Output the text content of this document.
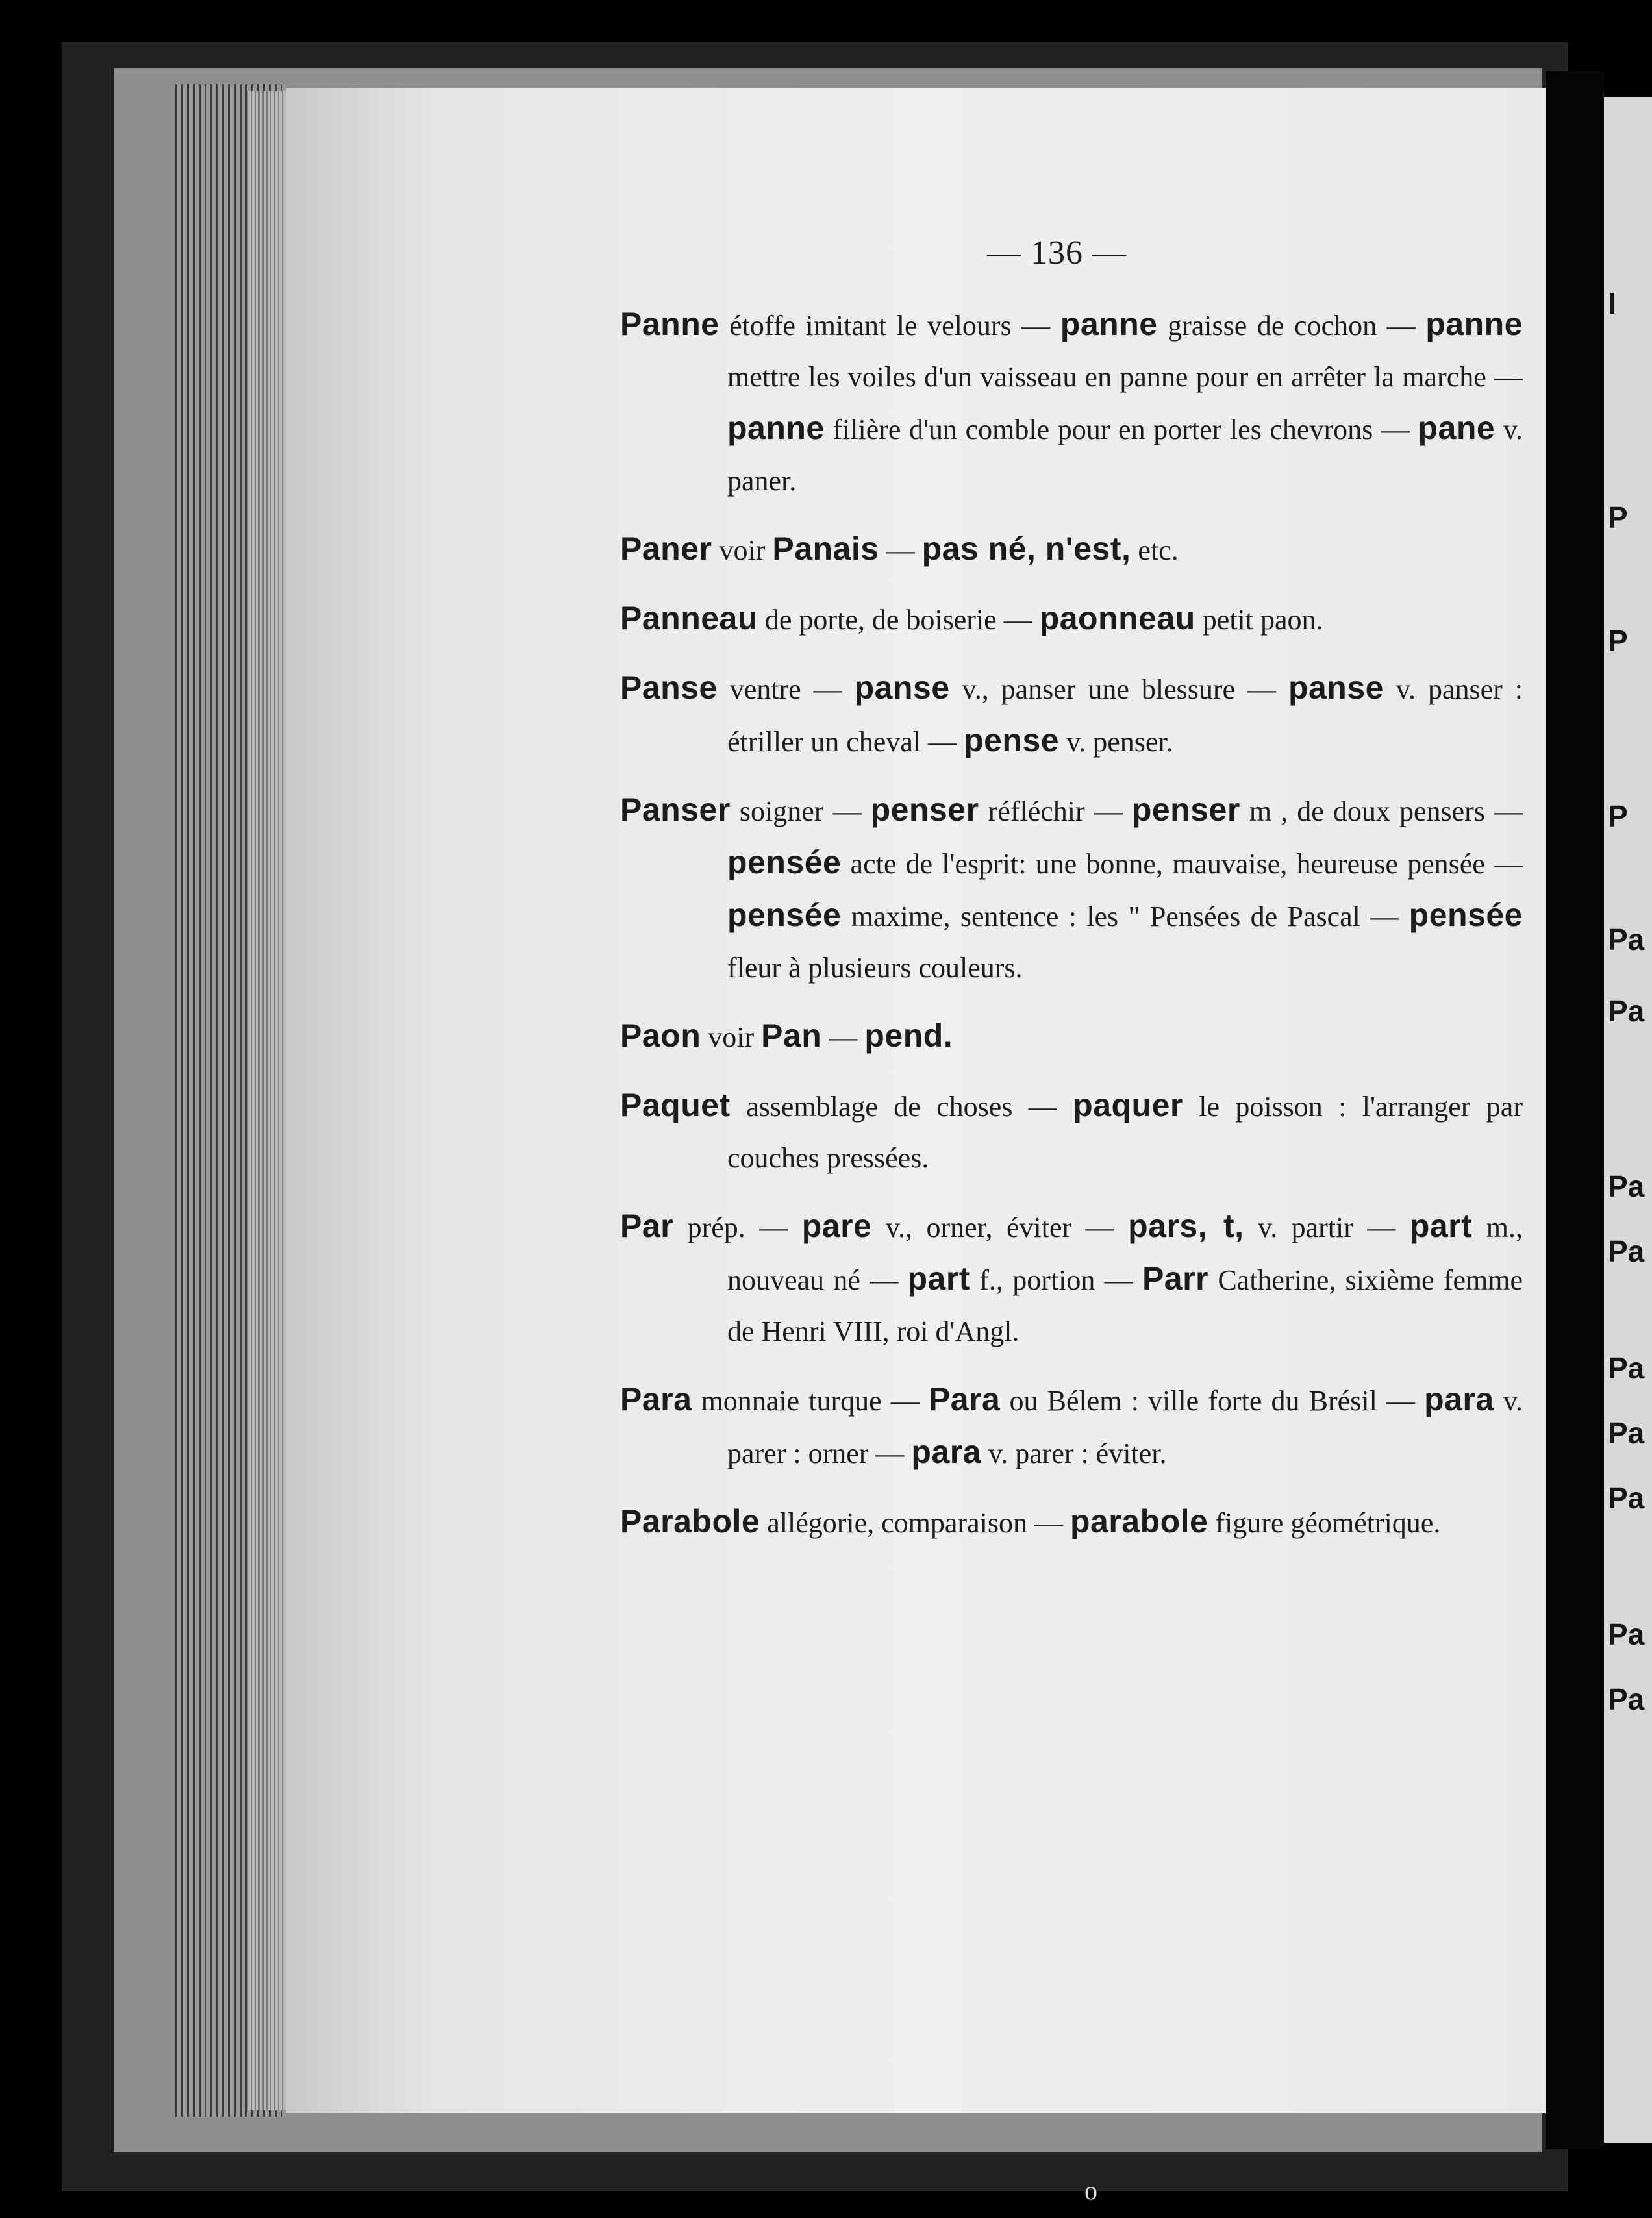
— 136 —

Panne étoffe imitant le velours — panne graisse de cochon — panne mettre les voiles d'un vaisseau en panne pour en arrêter la marche — panne filière d'un comble pour en porter les chevrons — pane v. paner.

Paner voir Panais — pas né, n'est, etc.

Panneau de porte, de boiserie — paonneau petit paon.

Panse ventre — panse v., panser une blessure — panse v. panser : étriller un cheval — pense v. penser.

Panser soigner — penser réfléchir — penser m , de doux pensers — pensée acte de l'esprit: une bonne, mauvaise, heureuse pensée — pensée maxime, sentence : les " Pensées de Pascal — pensée fleur à plusieurs couleurs.

Paon voir Pan — pend.

Paquet assemblage de choses — paquer le poisson : l'arranger par couches pressées.

Par prép. — pare v., orner, éviter — pars, t, v. partir — part m., nouveau né — part f., portion — Parr Catherine, sixième femme de Henri VIII, roi d'Angl.

Para monnaie turque — Para ou Bélem : ville forte du Brésil — para v. parer : orner — para v. parer : éviter.

Parabole allégorie, comparaison — parabole figure géométrique.

I
P
P
P
Pa
Pa
Pa
Pa
Pa
Pa
Pa
Pa
Pa
o
